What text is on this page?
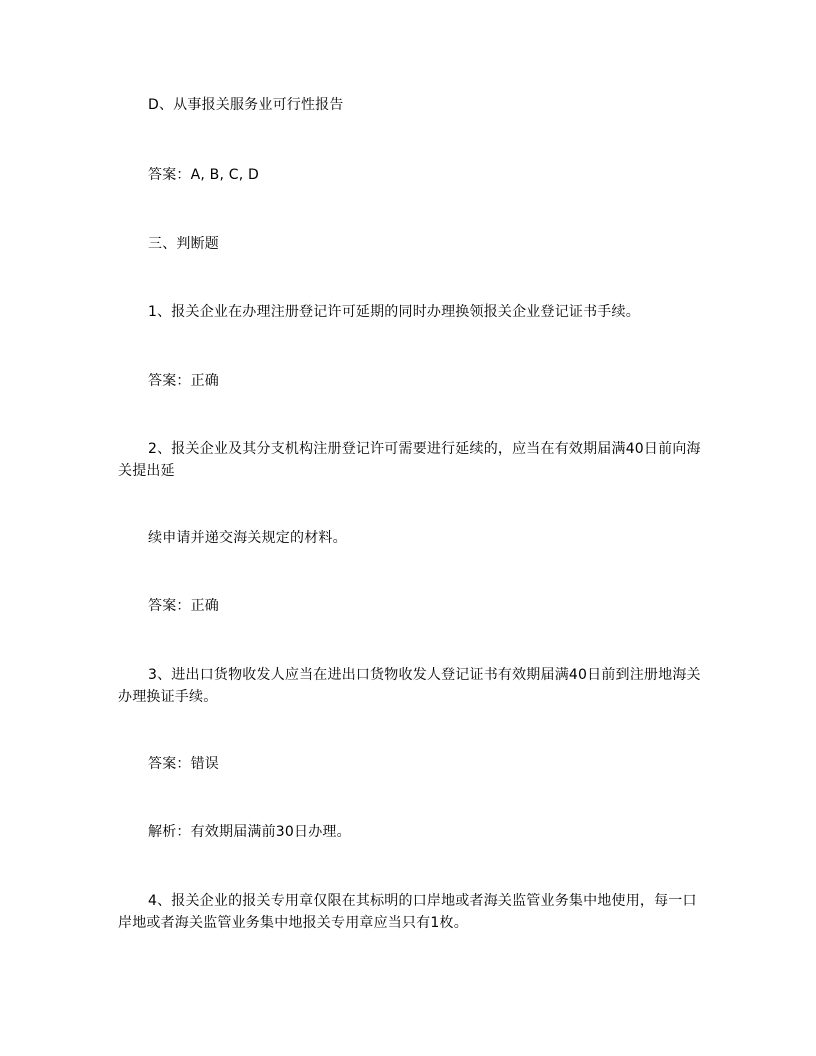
D、从事报关服务业可行性报告
答案：A, B, C, D
三、判断题
1、报关企业在办理注册登记许可延期的同时办理换领报关企业登记证书手续。
答案：正确
2、报关企业及其分支机构注册登记许可需要进行延续的，应当在有效期届满40日前向海关提出延
续申请并递交海关规定的材料。
答案：正确
3、进出口货物收发人应当在进出口货物收发人登记证书有效期届满40日前到注册地海关办理换证手续。
答案：错误
解析：有效期届满前30日办理。
4、报关企业的报关专用章仅限在其标明的口岸地或者海关监管业务集中地使用，每一口岸地或者海关监管业务集中地报关专用章应当只有1枚。
